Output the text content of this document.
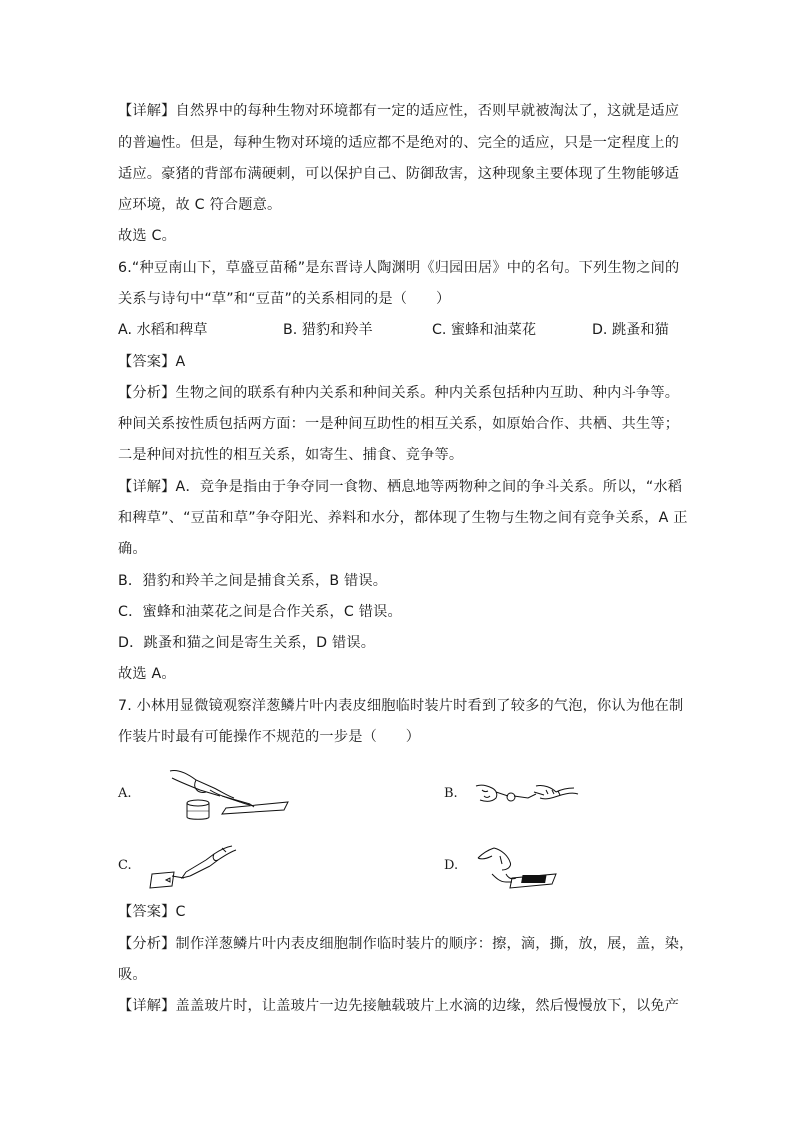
【详解】自然界中的每种生物对环境都有一定的适应性，否则早就被淘汰了，这就是适应
的普遍性。但是，每种生物对环境的适应都不是绝对的、完全的适应，只是一定程度上的
适应。豪猪的背部布满硬刺，可以保护自己、防御敌害，这种现象主要体现了生物能够适
应环境，故 C 符合题意。
故选 C。
6.“种豆南山下，草盛豆苗稀”是东晋诗人陶渊明《归园田居》中的名句。下列生物之间的
关系与诗句中“草”和“豆苗”的关系相同的是（　　）
A. 水稻和稗草	B. 猎豹和羚羊	C. 蜜蜂和油菜花	D. 跳蚤和猫
【答案】A
【分析】生物之间的联系有种内关系和种间关系。种内关系包括种内互助、种内斗争等。
种间关系按性质包括两方面：一是种间互助性的相互关系，如原始合作、共栖、共生等；
二是种间对抗性的相互关系，如寄生、捕食、竞争等。
【详解】A．竞争是指由于争夺同一食物、栖息地等两物种之间的争斗关系。所以，“水稻
和稗草”、“豆苗和草”争夺阳光、养料和水分，都体现了生物与生物之间有竞争关系，A 正
确。
B．猎豹和羚羊之间是捕食关系，B 错误。
C．蜜蜂和油菜花之间是合作关系，C 错误。
D．跳蚤和猫之间是寄生关系，D 错误。
故选 A。
7. 小林用显微镜观察洋葱鳞片叶内表皮细胞临时装片时看到了较多的气泡，你认为他在制
作装片时最有可能操作不规范的一步是（　　）
A.	B.
C.	D.
【答案】C
【分析】制作洋葱鳞片叶内表皮细胞制作临时装片的顺序：擦，滴，撕，放，展，盖，染，
吸。
【详解】盖盖玻片时，让盖玻片一边先接触载玻片上水滴的边缘，然后慢慢放下，以免产
